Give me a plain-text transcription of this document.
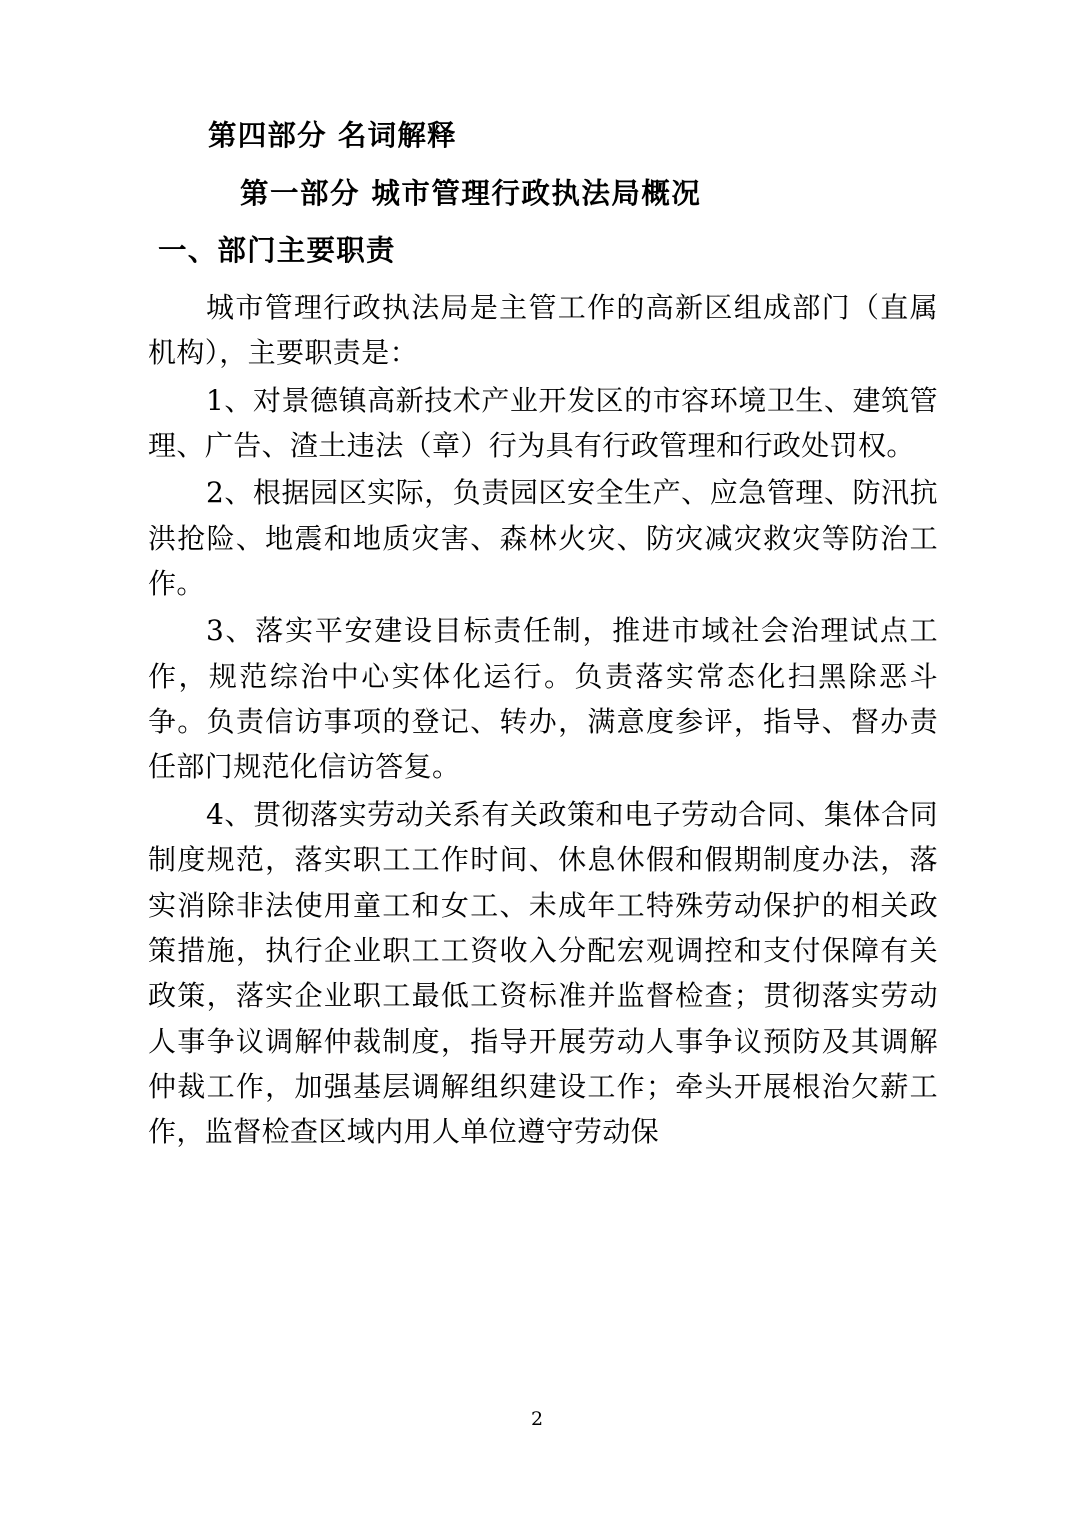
第四部分 名词解释
第一部分 城市管理行政执法局概况
一、部门主要职责

城市管理行政执法局是主管工作的高新区组成部门（直属机构），主要职责是：

1、对景德镇高新技术产业开发区的市容环境卫生、建筑管理、广告、渣土违法（章）行为具有行政管理和行政处罚权。

2、根据园区实际，负责园区安全生产、应急管理、防汛抗洪抢险、地震和地质灾害、森林火灾、防灾减灾救灾等防治工作。

3、落实平安建设目标责任制，推进市域社会治理试点工作，规范综治中心实体化运行。负责落实常态化扫黑除恶斗争。负责信访事项的登记、转办，满意度参评，指导、督办责任部门规范化信访答复。

4、贯彻落实劳动关系有关政策和电子劳动合同、集体合同制度规范，落实职工工作时间、休息休假和假期制度办法，落实消除非法使用童工和女工、未成年工特殊劳动保护的相关政策措施，执行企业职工工资收入分配宏观调控和支付保障有关政策，落实企业职工最低工资标准并监督检查；贯彻落实劳动人事争议调解仲裁制度，指导开展劳动人事争议预防及其调解仲裁工作，加强基层调解组织建设工作；牵头开展根治欠薪工作，监督检查区域内用人单位遵守劳动保

2
